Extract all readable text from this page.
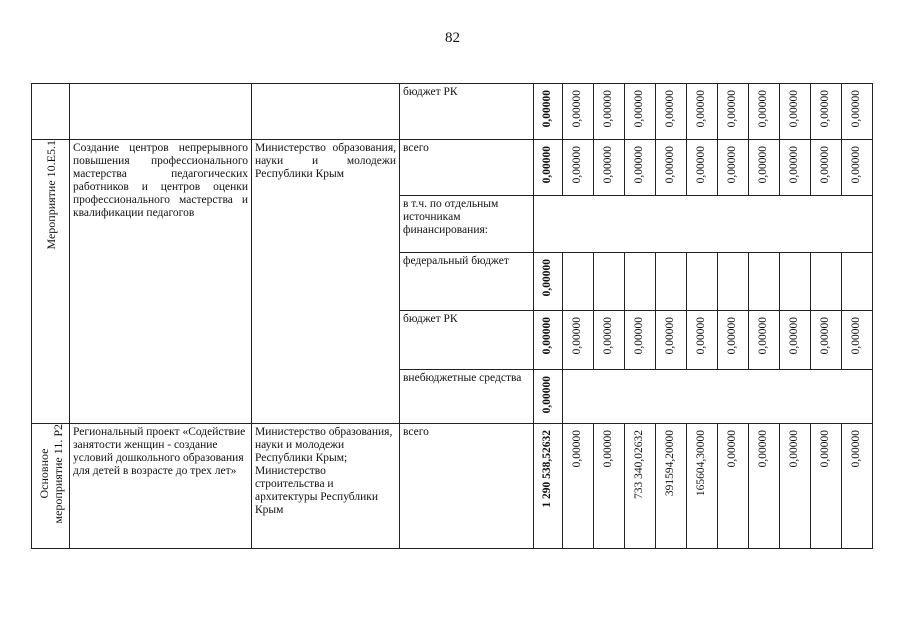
82
			бюджет РК	0,00000	0,00000	0,00000	0,00000	0,00000	0,00000	0,00000	0,00000	0,00000	0,00000	0,00000

Мероприятие 10.Е5.1	Создание центров непрерывного повышения профессионального мастерства педагогических работников и центров оценки профессионального мастерства и квалификации педагогов	Министерство образования, науки и молодежи Республики Крым	всего	0,00000	0,00000	0,00000	0,00000	0,00000	0,00000	0,00000	0,00000	0,00000	0,00000	0,00000

			в т.ч. по отдельным источникам финансирования:											
			федеральный бюджет	0,00000										

			бюджет РК	0,00000	0,00000	0,00000	0,00000	0,00000	0,00000	0,00000	0,00000	0,00000	0,00000	0,00000

			внебюджетные средства	0,00000										

Основное мероприятие 11. Р2	Региональный проект «Содействие занятости женщин - создание условий дошкольного образования для детей в возрасте до трех лет»	Министерство образования, науки и молодежи Республики Крым; Министерство строительства и архитектуры Республики Крым	всего	1 290 538,52632	0,00000	0,00000	733 340,02632	391594,20000	165604,30000	0,00000	0,00000	0,00000	0,00000	0,00000
